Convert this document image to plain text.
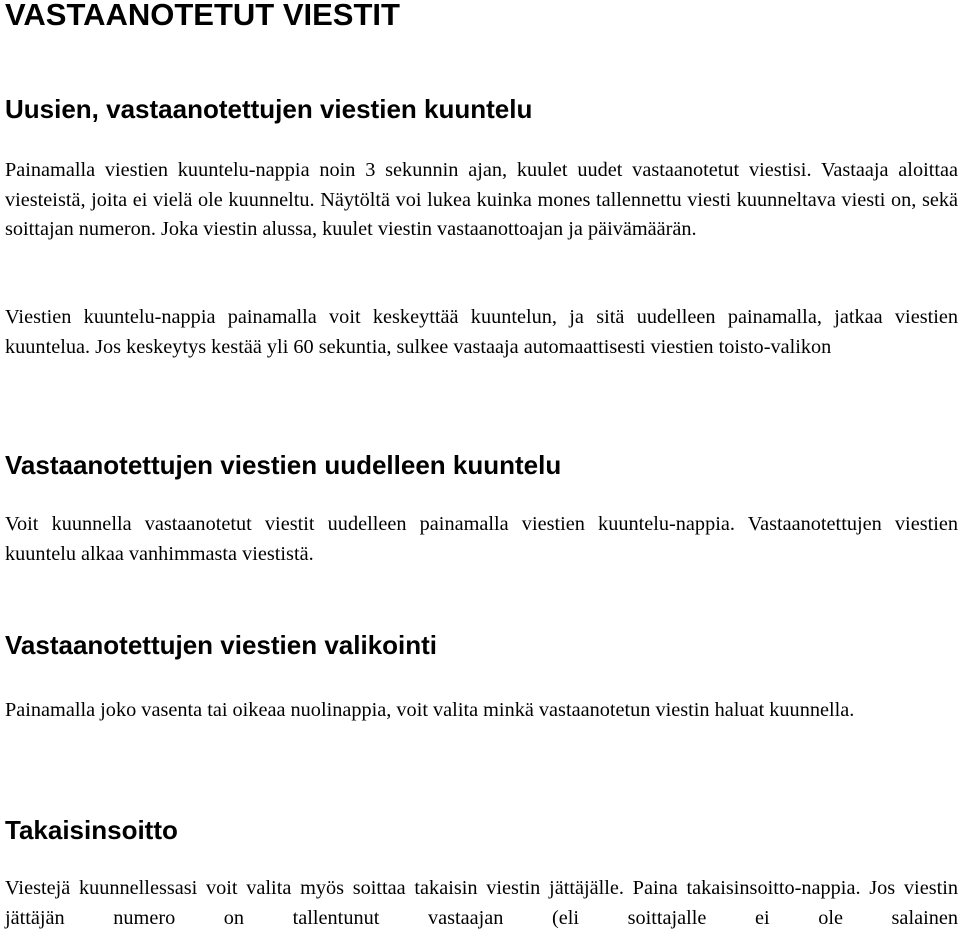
VASTAANOTETUT VIESTIT
Uusien, vastaanotettujen viestien kuuntelu

Painamalla viestien kuuntelu-nappia noin 3 sekunnin ajan, kuulet uudet vastaanotetut viestisi. Vastaaja aloittaa viesteistä, joita ei vielä ole kuunneltu. Näytöltä voi lukea kuinka mones tallennettu viesti kuunneltava viesti on, sekä soittajan numeron. Joka viestin alussa, kuulet viestin vastaanottoajan ja päivämäärän.

Viestien kuuntelu-nappia painamalla voit keskeyttää kuuntelun, ja sitä uudelleen painamalla, jatkaa viestien kuuntelua. Jos keskeytys kestää yli 60 sekuntia, sulkee vastaaja automaattisesti viestien toisto-valikon

Vastaanotettujen viestien uudelleen kuuntelu

Voit kuunnella vastaanotetut viestit uudelleen painamalla viestien kuuntelu-nappia. Vastaanotettujen viestien kuuntelu alkaa vanhimmasta viestistä.

Vastaanotettujen viestien valikointi

Painamalla joko vasenta tai oikeaa nuolinappia, voit valita minkä vastaanotetun viestin haluat kuunnella.

Takaisinsoitto

Viestejä kuunnellessasi voit valita myös soittaa takaisin viestin jättäjälle. Paina takaisinsoitto-nappia. Jos viestin jättäjän numero on tallentunut vastaajan (eli soittajalle ei ole salainen
